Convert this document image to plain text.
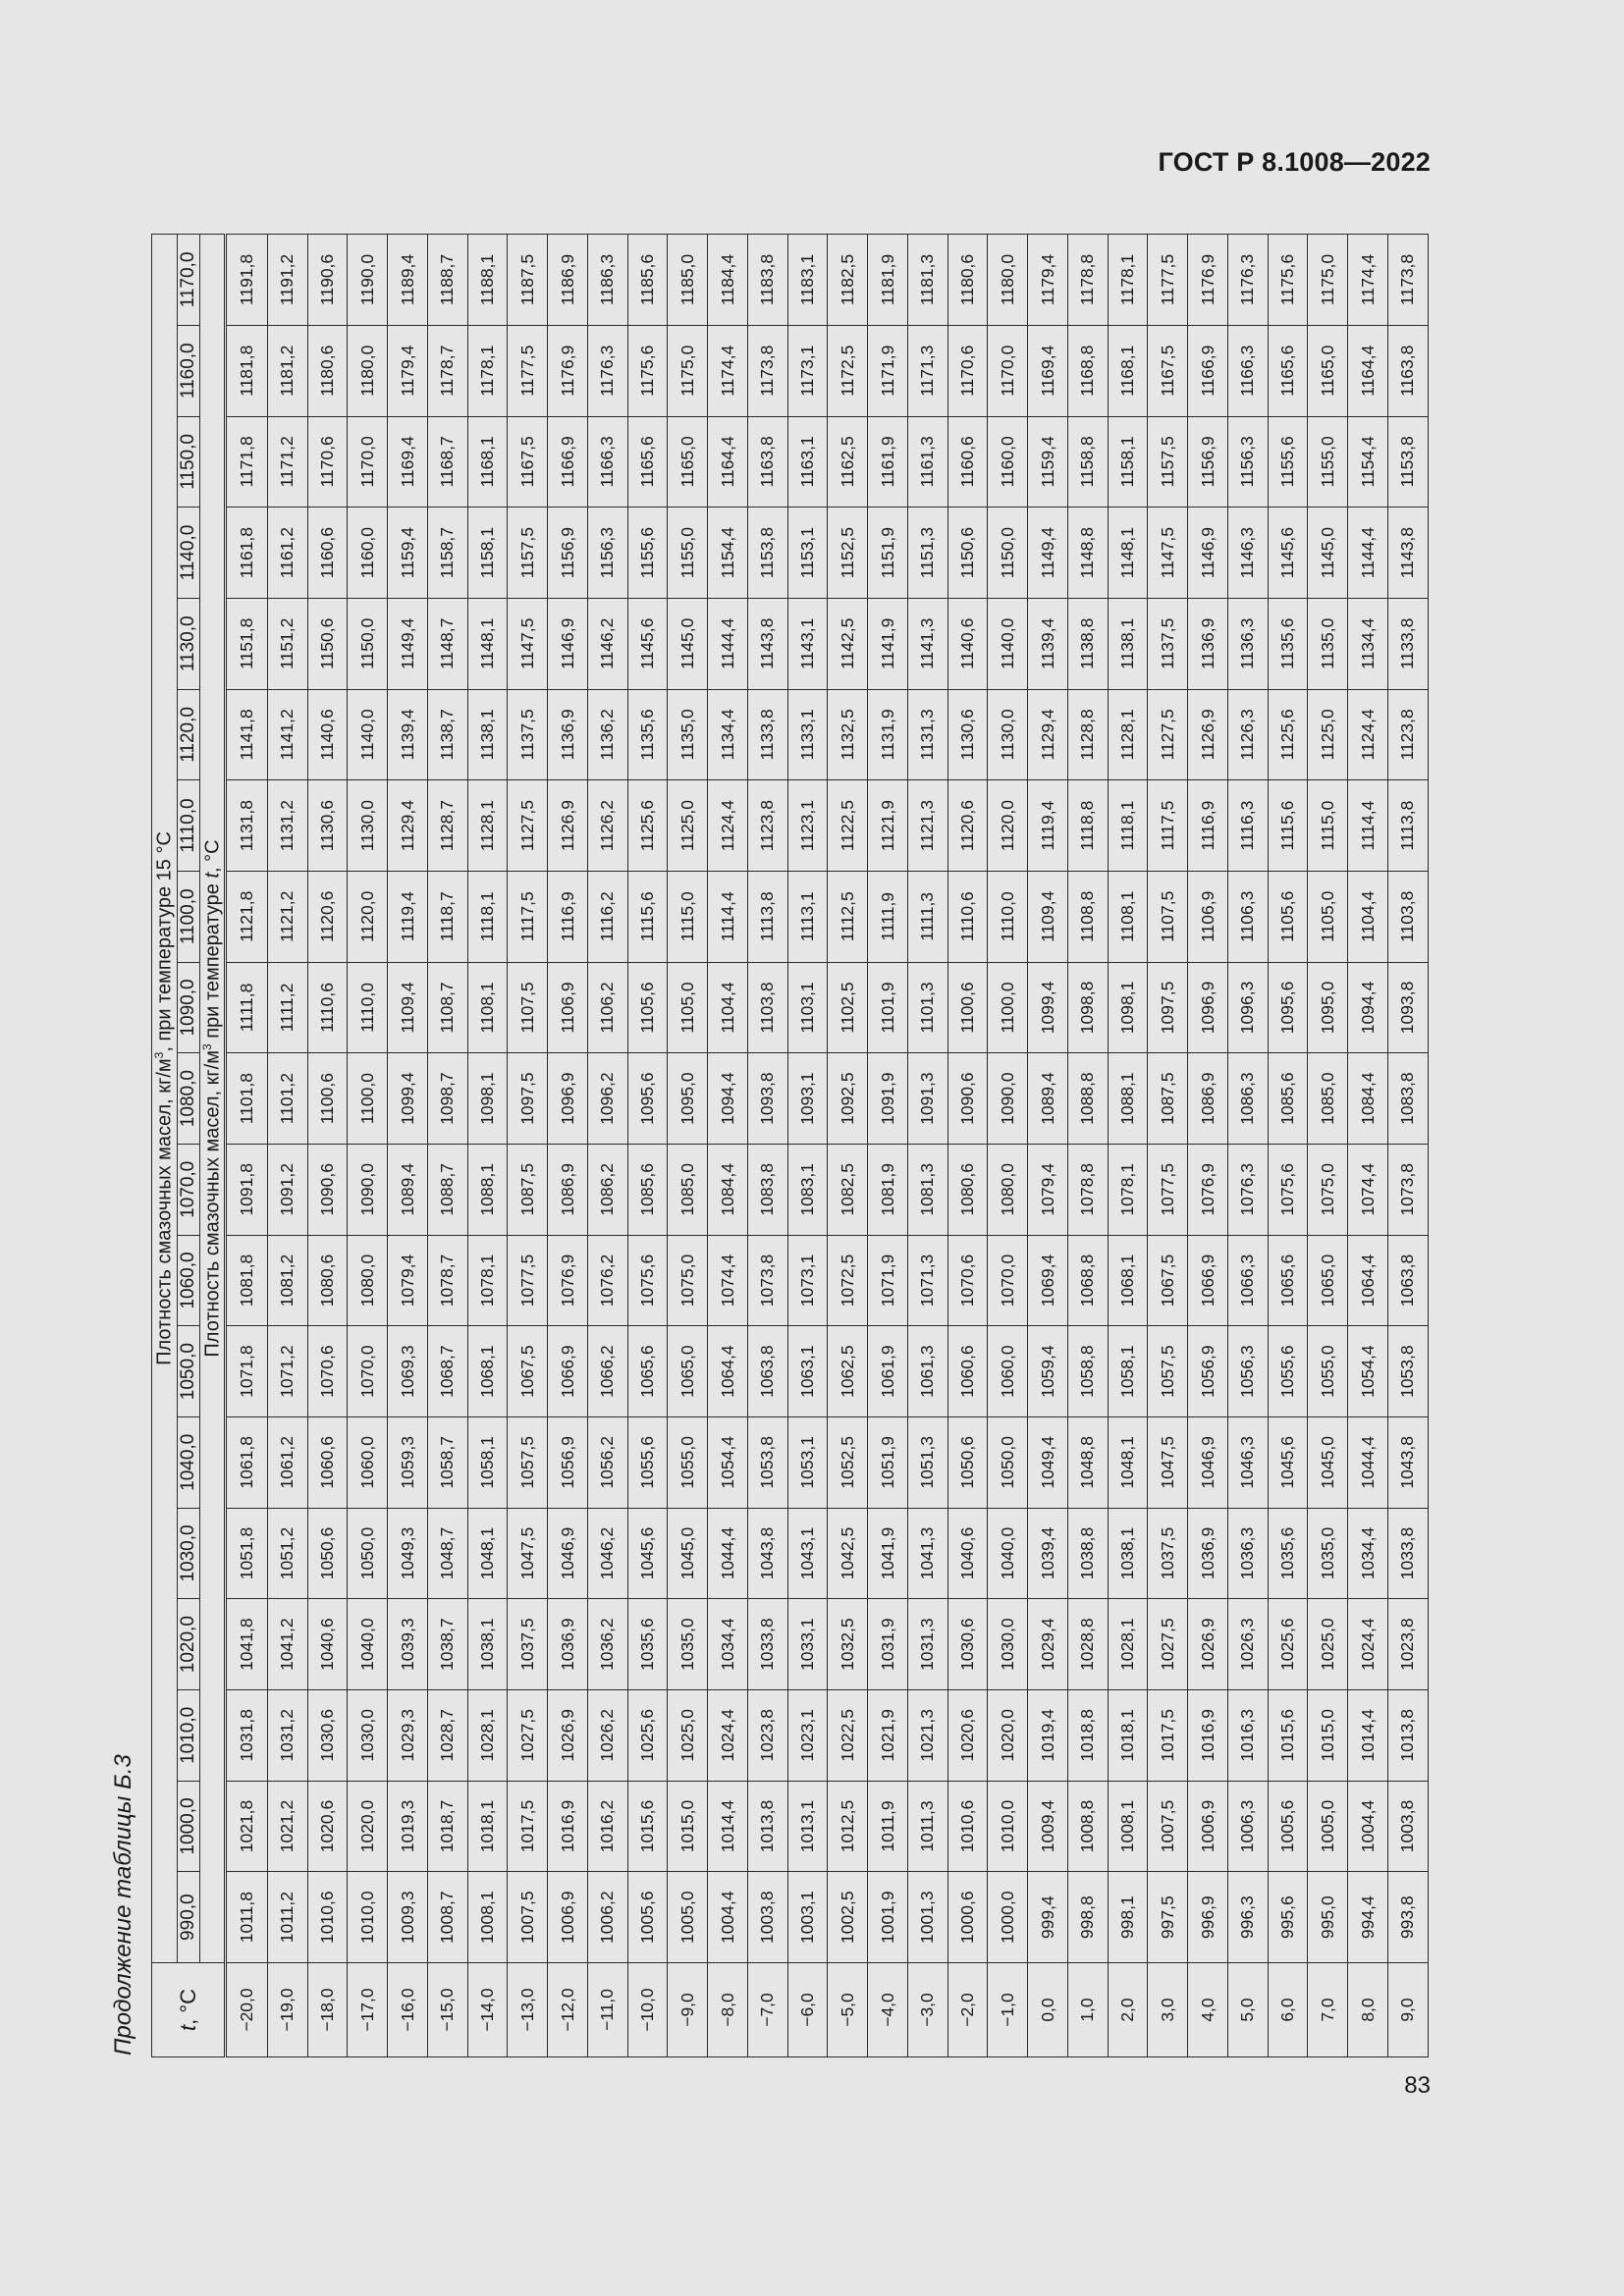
ГОСТ Р 8.1008—2022
Продолжение таблицы Б.3 t, °С	Плотность смазочных масел, $кг/м^3$, при температуре 15 °С																		
	990,0	1000,0	1010,0	1020,0	1030,0	1040,0	1050,0	1060,0	1070,0	1080,0	1090,0	1100,0	1110,0	1120,0	1130,0	1140,0	1150,0	1160,0	1170,0
	Плотность смазочных масел, $кг/м^3$ при температуре t, °С																		
−20,0	1011,8	1021,8	1031,8	1041,8	1051,8	1061,8	1071,8	1081,8	1091,8	1101,8	1111,8	1121,8	1131,8	1141,8	1151,8	1161,8	1171,8	1181,8	1191,8
−19,0	1011,2	1021,2	1031,2	1041,2	1051,2	1061,2	1071,2	1081,2	1091,2	1101,2	1111,2	1121,2	1131,2	1141,2	1151,2	1161,2	1171,2	1181,2	1191,2
−18,0	1010,6	1020,6	1030,6	1040,6	1050,6	1060,6	1070,6	1080,6	1090,6	1100,6	1110,6	1120,6	1130,6	1140,6	1150,6	1160,6	1170,6	1180,6	1190,6
−17,0	1010,0	1020,0	1030,0	1040,0	1050,0	1060,0	1070,0	1080,0	1090,0	1100,0	1110,0	1120,0	1130,0	1140,0	1150,0	1160,0	1170,0	1180,0	1190,0
−16,0	1009,3	1019,3	1029,3	1039,3	1049,3	1059,3	1069,3	1079,4	1089,4	1099,4	1109,4	1119,4	1129,4	1139,4	1149,4	1159,4	1169,4	1179,4	1189,4
−15,0	1008,7	1018,7	1028,7	1038,7	1048,7	1058,7	1068,7	1078,7	1088,7	1098,7	1108,7	1118,7	1128,7	1138,7	1148,7	1158,7	1168,7	1178,7	1188,7
−14,0	1008,1	1018,1	1028,1	1038,1	1048,1	1058,1	1068,1	1078,1	1088,1	1098,1	1108,1	1118,1	1128,1	1138,1	1148,1	1158,1	1168,1	1178,1	1188,1
−13,0	1007,5	1017,5	1027,5	1037,5	1047,5	1057,5	1067,5	1077,5	1087,5	1097,5	1107,5	1117,5	1127,5	1137,5	1147,5	1157,5	1167,5	1177,5	1187,5
−12,0	1006,9	1016,9	1026,9	1036,9	1046,9	1056,9	1066,9	1076,9	1086,9	1096,9	1106,9	1116,9	1126,9	1136,9	1146,9	1156,9	1166,9	1176,9	1186,9
−11,0	1006,2	1016,2	1026,2	1036,2	1046,2	1056,2	1066,2	1076,2	1086,2	1096,2	1106,2	1116,2	1126,2	1136,2	1146,2	1156,3	1166,3	1176,3	1186,3
−10,0	1005,6	1015,6	1025,6	1035,6	1045,6	1055,6	1065,6	1075,6	1085,6	1095,6	1105,6	1115,6	1125,6	1135,6	1145,6	1155,6	1165,6	1175,6	1185,6
−9,0	1005,0	1015,0	1025,0	1035,0	1045,0	1055,0	1065,0	1075,0	1085,0	1095,0	1105,0	1115,0	1125,0	1135,0	1145,0	1155,0	1165,0	1175,0	1185,0
−8,0	1004,4	1014,4	1024,4	1034,4	1044,4	1054,4	1064,4	1074,4	1084,4	1094,4	1104,4	1114,4	1124,4	1134,4	1144,4	1154,4	1164,4	1174,4	1184,4
−7,0	1003,8	1013,8	1023,8	1033,8	1043,8	1053,8	1063,8	1073,8	1083,8	1093,8	1103,8	1113,8	1123,8	1133,8	1143,8	1153,8	1163,8	1173,8	1183,8
−6,0	1003,1	1013,1	1023,1	1033,1	1043,1	1053,1	1063,1	1073,1	1083,1	1093,1	1103,1	1113,1	1123,1	1133,1	1143,1	1153,1	1163,1	1173,1	1183,1
−5,0	1002,5	1012,5	1022,5	1032,5	1042,5	1052,5	1062,5	1072,5	1082,5	1092,5	1102,5	1112,5	1122,5	1132,5	1142,5	1152,5	1162,5	1172,5	1182,5
−4,0	1001,9	1011,9	1021,9	1031,9	1041,9	1051,9	1061,9	1071,9	1081,9	1091,9	1101,9	1111,9	1121,9	1131,9	1141,9	1151,9	1161,9	1171,9	1181,9
−3,0	1001,3	1011,3	1021,3	1031,3	1041,3	1051,3	1061,3	1071,3	1081,3	1091,3	1101,3	1111,3	1121,3	1131,3	1141,3	1151,3	1161,3	1171,3	1181,3
−2,0	1000,6	1010,6	1020,6	1030,6	1040,6	1050,6	1060,6	1070,6	1080,6	1090,6	1100,6	1110,6	1120,6	1130,6	1140,6	1150,6	1160,6	1170,6	1180,6
−1,0	1000,0	1010,0	1020,0	1030,0	1040,0	1050,0	1060,0	1070,0	1080,0	1090,0	1100,0	1110,0	1120,0	1130,0	1140,0	1150,0	1160,0	1170,0	1180,0
0,0	999,4	1009,4	1019,4	1029,4	1039,4	1049,4	1059,4	1069,4	1079,4	1089,4	1099,4	1109,4	1119,4	1129,4	1139,4	1149,4	1159,4	1169,4	1179,4
1,0	998,8	1008,8	1018,8	1028,8	1038,8	1048,8	1058,8	1068,8	1078,8	1088,8	1098,8	1108,8	1118,8	1128,8	1138,8	1148,8	1158,8	1168,8	1178,8
2,0	998,1	1008,1	1018,1	1028,1	1038,1	1048,1	1058,1	1068,1	1078,1	1088,1	1098,1	1108,1	1118,1	1128,1	1138,1	1148,1	1158,1	1168,1	1178,1
3,0	997,5	1007,5	1017,5	1027,5	1037,5	1047,5	1057,5	1067,5	1077,5	1087,5	1097,5	1107,5	1117,5	1127,5	1137,5	1147,5	1157,5	1167,5	1177,5
4,0	996,9	1006,9	1016,9	1026,9	1036,9	1046,9	1056,9	1066,9	1076,9	1086,9	1096,9	1106,9	1116,9	1126,9	1136,9	1146,9	1156,9	1166,9	1176,9
5,0	996,3	1006,3	1016,3	1026,3	1036,3	1046,3	1056,3	1066,3	1076,3	1086,3	1096,3	1106,3	1116,3	1126,3	1136,3	1146,3	1156,3	1166,3	1176,3
6,0	995,6	1005,6	1015,6	1025,6	1035,6	1045,6	1055,6	1065,6	1075,6	1085,6	1095,6	1105,6	1115,6	1125,6	1135,6	1145,6	1155,6	1165,6	1175,6
7,0	995,0	1005,0	1015,0	1025,0	1035,0	1045,0	1055,0	1065,0	1075,0	1085,0	1095,0	1105,0	1115,0	1125,0	1135,0	1145,0	1155,0	1165,0	1175,0
8,0	994,4	1004,4	1014,4	1024,4	1034,4	1044,4	1054,4	1064,4	1074,4	1084,4	1094,4	1104,4	1114,4	1124,4	1134,4	1144,4	1154,4	1164,4	1174,4
9,0	993,8	1003,8	1013,8	1023,8	1033,8	1043,8	1053,8	1063,8	1073,8	1083,8	1093,8	1103,8	1113,8	1123,8	1133,8	1143,8	1153,8	1163,8	1173,8
83
